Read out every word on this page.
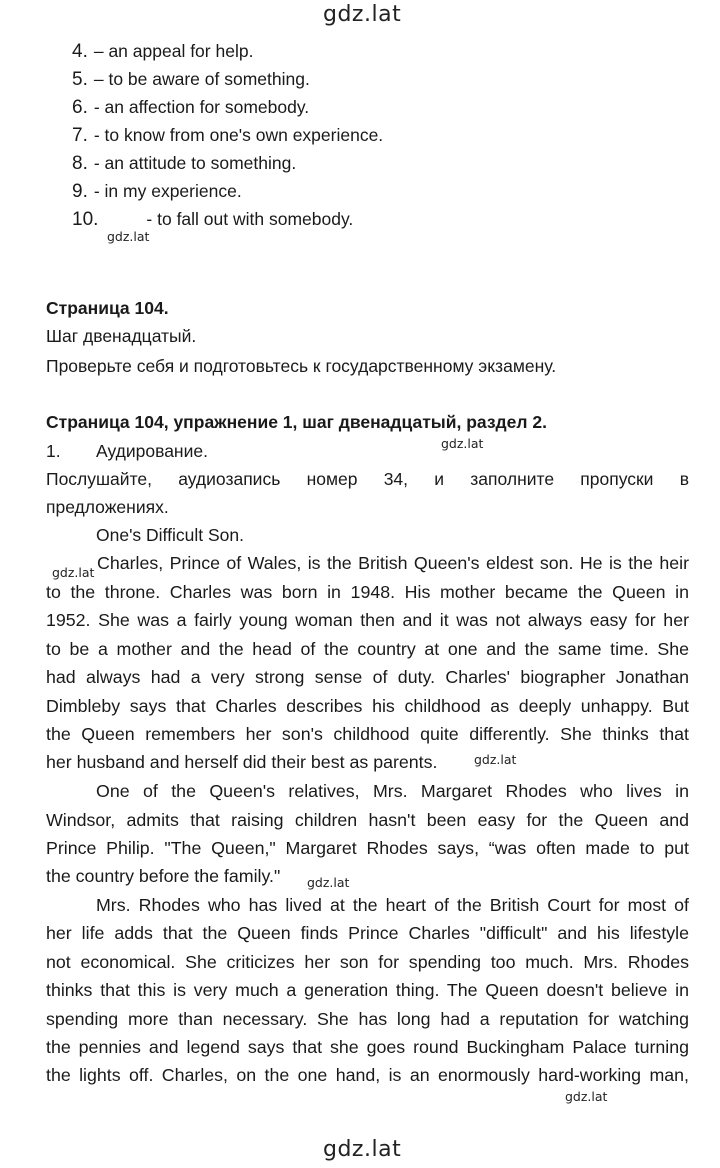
gdz.lat
gdz.lat
gdz.lat
gdz.lat
gdz.lat
gdz.lat
gdz.lat
gdz.lat
4. – an appeal for help.
5. – to be aware of something.
6. - an affection for somebody.
7. - to know from one's own experience.
8. - an attitude to something.
9. - in my experience.
10.	- to fall out with somebody.
Страница 104.
Шаг двенадцатый.
Проверьте себя и подготовьтесь к государственному экзамену.
Страница 104, упражнение 1, шаг двенадцатый, раздел 2.
1. Аудирование.
Послушайте, аудиозапись номер 34, и заполните пропуски в
предложениях.
One's Difficult Son.
Charles, Prince of Wales, is the British Queen's eldest son. He is the heir
to the throne. Charles was born in 1948. His mother became the Queen in
1952. She was a fairly young woman then and it was not always easy for her
to be a mother and the head of the country at one and the same time. She
had always had a very strong sense of duty. Charles' biographer Jonathan
Dimbleby says that Charles describes his childhood as deeply unhappy. But
the Queen remembers her son's childhood quite differently. She thinks that
her husband and herself did their best as parents.
One of the Queen's relatives, Mrs. Margaret Rhodes who lives in
Windsor, admits that raising children hasn't been easy for the Queen and
Prince Philip. "The Queen," Margaret Rhodes says, “was often made to put
the country before the family."
Mrs. Rhodes who has lived at the heart of the British Court for most of
her life adds that the Queen finds Prince Charles "difficult" and his lifestyle
not economical. She criticizes her son for spending too much. Mrs. Rhodes
thinks that this is very much a generation thing. The Queen doesn't believe in
spending more than necessary. She has long had a reputation for watching
the pennies and legend says that she goes round Buckingham Palace turning
the lights off. Charles, on the one hand, is an enormously hard-working man,
